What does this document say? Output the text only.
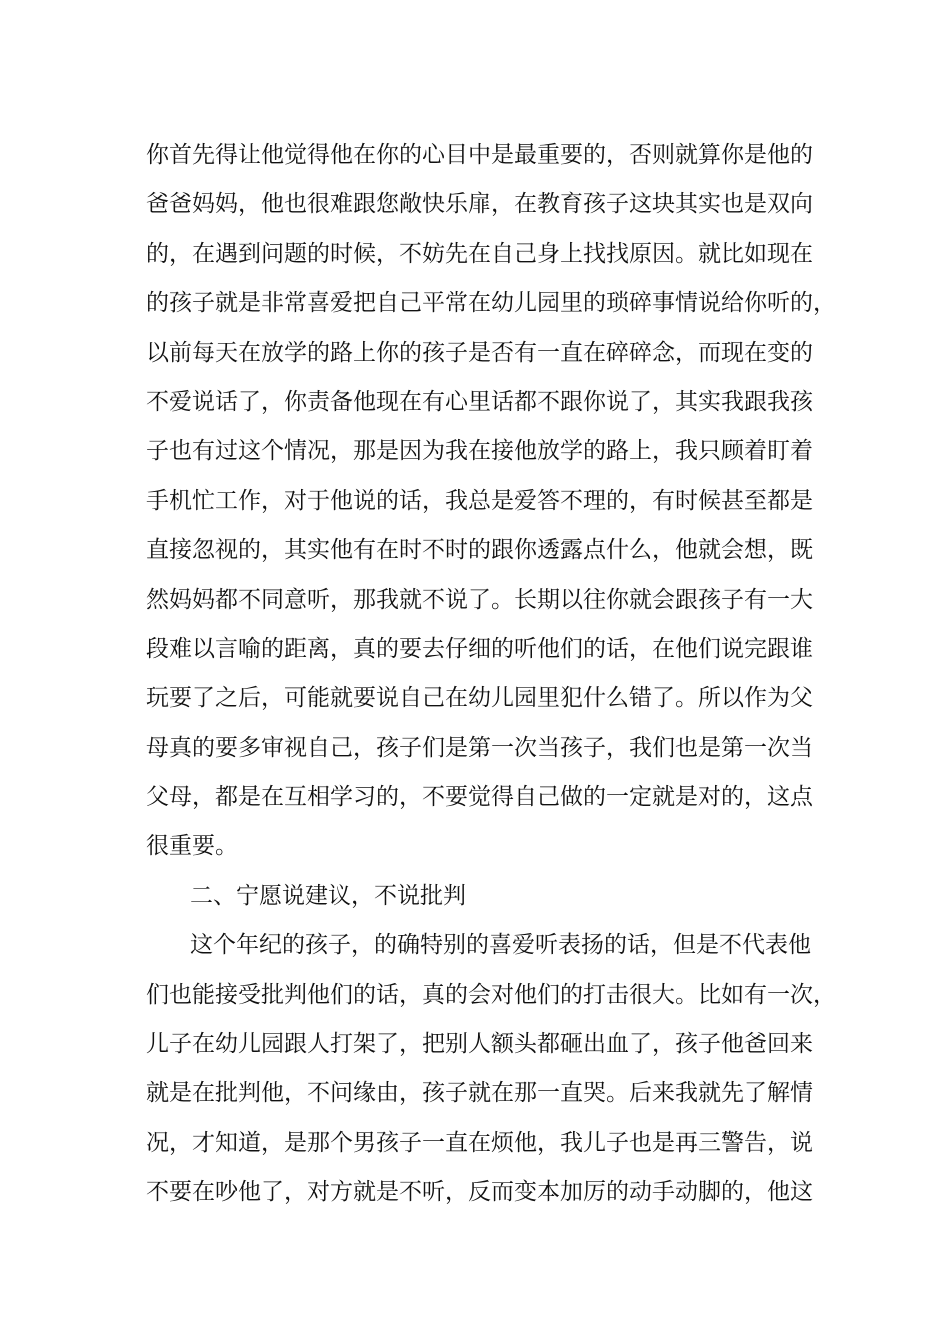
你首先得让他觉得他在你的心目中是最重要的，否则就算你是他的
爸爸妈妈，他也很难跟您敞快乐扉，在教育孩子这块其实也是双向
的，在遇到问题的时候，不妨先在自己身上找找原因。就比如现在
的孩子就是非常喜爱把自己平常在幼儿园里的琐碎事情说给你听的，
以前每天在放学的路上你的孩子是否有一直在碎碎念，而现在变的
不爱说话了，你责备他现在有心里话都不跟你说了，其实我跟我孩
子也有过这个情况，那是因为我在接他放学的路上，我只顾着盯着
手机忙工作，对于他说的话，我总是爱答不理的，有时候甚至都是
直接忽视的，其实他有在时不时的跟你透露点什么，他就会想，既
然妈妈都不同意听，那我就不说了。长期以往你就会跟孩子有一大
段难以言喻的距离，真的要去仔细的听他们的话，在他们说完跟谁
玩要了之后，可能就要说自己在幼儿园里犯什么错了。所以作为父
母真的要多审视自己，孩子们是第一次当孩子，我们也是第一次当
父母，都是在互相学习的，不要觉得自己做的一定就是对的，这点
很重要。
二、宁愿说建议，不说批判
这个年纪的孩子，的确特别的喜爱听表扬的话，但是不代表他
们也能接受批判他们的话，真的会对他们的打击很大。比如有一次，
儿子在幼儿园跟人打架了，把别人额头都砸出血了，孩子他爸回来
就是在批判他，不问缘由，孩子就在那一直哭。后来我就先了解情
况，才知道，是那个男孩子一直在烦他，我儿子也是再三警告，说
不要在吵他了，对方就是不听，反而变本加厉的动手动脚的，他这
